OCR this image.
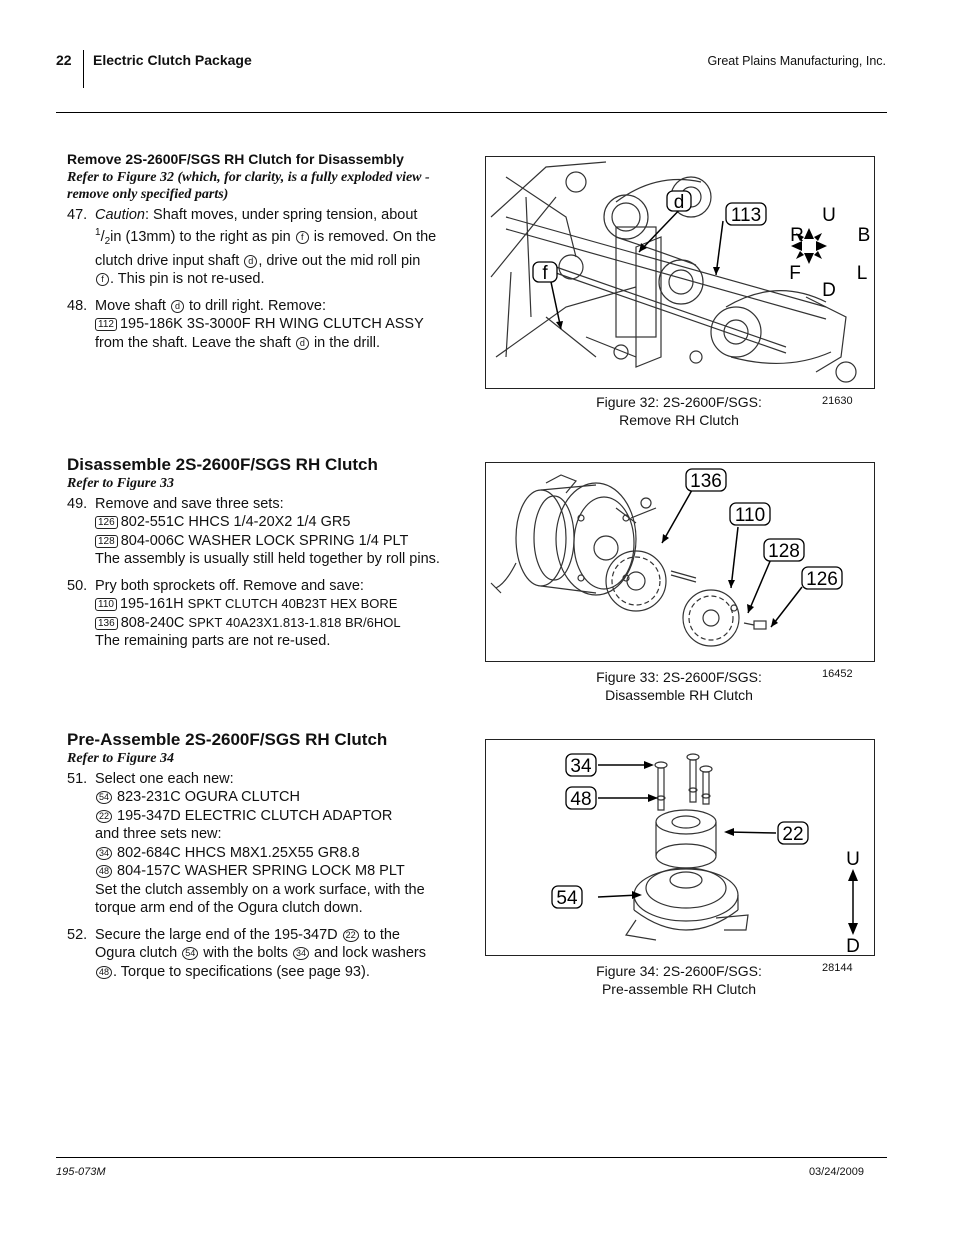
22 Electric Clutch Package	Great Plains Manufacturing, Inc.

Remove 2S-2600F/SGS RH Clutch for Disassembly

Refer to Figure 32 (which, for clarity, is a fully exploded view - remove only specified parts)

47. Caution: Shaft moves, under spring tension, about
$^1/_2in$ (13mm) to the right as pin f is removed. On the
clutch drive input shaft d , drive out the mid roll pin
f . This pin is not re-used.
48. Move shaft d to drill right. Remove:
112 195-186K 3S-3000F RH WING CLUTCH ASSY
from the shaft. Leave the shaft d in the drill.

Disassemble 2S-2600F/SGS RH Clutch

Refer to Figure 33

49. Remove and save three sets:
126 802-551C HHCS 1/4-20X2 1/4 GR5
128 804-006C WASHER LOCK SPRING 1/4 PLT
The assembly is usually still held together by roll pins.
50. Pry both sprockets off. Remove and save:
110 195-161H SPKT CLUTCH 40B23T HEX BORE
136 808-240C SPKT 40A23X1.813-1.818 BR/6HOL
The remaining parts are not re-used.

Pre-Assemble 2S-2600F/SGS RH Clutch

Refer to Figure 34

51. Select one each new:
54 823-231C OGURA CLUTCH
22 195-347D ELECTRIC CLUTCH ADAPTOR
and three sets new:
34 802-684C HHCS M8X1.25X55 GR8.8
48 804-157C WASHER SPRING LOCK M8 PLT
Set the clutch assembly on a work surface, with the torque arm end of the Ogura clutch down.
52. Secure the large end of the 195-347D 22 to the
Ogura clutch 54 with the bolts 34 and lock washers
48 . Torque to specifications (see page 93).
d
113
f
U
D
R	B
F	L
Figure 32: 2S-2600F/SGS:
Remove RH Clutch
21630
136
110
128
126
Figure 33: 2S-2600F/SGS:
Disassemble RH Clutch
16452
34
48
22
54
U
D
Figure 34: 2S-2600F/SGS:
Pre-assemble RH Clutch
28144
195-073M	03/24/2009
